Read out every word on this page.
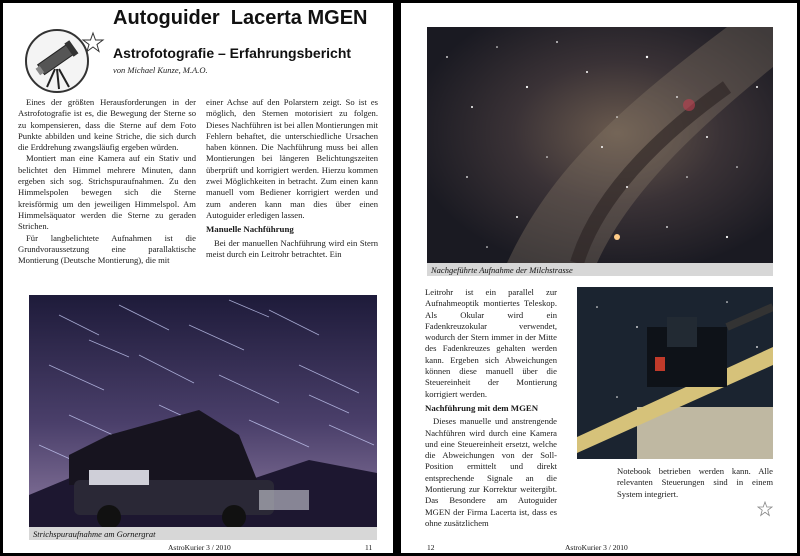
Autoguider  Lacerta MGEN
Astrofotografie – Erfahrungsbericht
von Michael Kunze, M.A.O.

Eines der größten Herausforderungen in der Astrofotografie ist es, die Bewegung der Sterne so zu kompensieren, dass die Sterne auf dem Foto Punkte abbilden und keine Striche, die sich durch die Erddrehung zwangsläufig ergeben würden.

Montiert man eine Kamera auf ein Stativ und belichtet den Himmel mehrere Minuten, dann ergeben sich sog. Strichspuraufnahmen. Zu den Himmelspolen bewegen sich die Sterne kreisförmig um den jeweiligen Himmelspol. Am Himmelsäquator werden die Sterne zu geraden Strichen.

Für langbelichtete Aufnahmen ist die Grundvoraussetzung eine parallaktische Montierung (Deutsche Montierung), die mit

einer Achse auf den Polarstern zeigt. So ist es möglich, den Sternen motorisiert zu folgen. Dieses Nachführen ist bei allen Montierungen mit Fehlern behaftet, die unterschiedliche Ursachen haben können. Die Nachführung muss bei allen Montierungen bei längeren Belichtungszeiten überprüft und korrigiert werden. Hierzu kommen zwei Möglichkeiten in betracht. Zum einen kann manuell vom Bediener korrigiert werden und zum anderen kann man dies über einen Autoguider erledigen lassen.

Manuelle Nachführung

Bei der manuellen Nachführung wird ein Stern meist durch ein Leitrohr betrachtet. Ein

Strichspuraufnahme am Gornergrat
AstroKurier 3 / 2010	11
Nachgeführte Aufnahme der Milchstrasse

Leitrohr ist ein parallel zur Aufnahmeoptik montiertes Teleskop. Als Okular wird ein Fadenkreuzokular verwendet, wodurch der Stern immer in der Mitte des Fadenkreuzes gehalten werden kann. Ergeben sich Abweichungen können diese manuell über die Steuereinheit der Montierung korrigiert werden.

Nachführung mit dem MGEN

Dieses manuelle und anstrengende Nachführen wird durch eine Kamera und eine Steuereinheit ersetzt, welche die Abweichungen von der Soll-Position ermittelt und direkt entsprechende Signale an die Montierung zur Korrektur weitergibt. Das Besondere am Autoguider MGEN der Firma Lacerta ist, dass es ohne zusätzlichem

Notebook betrieben werden kann. Alle relevanten Steuerungen sind in einem System integriert.

12	AstroKurier 3 / 2010
